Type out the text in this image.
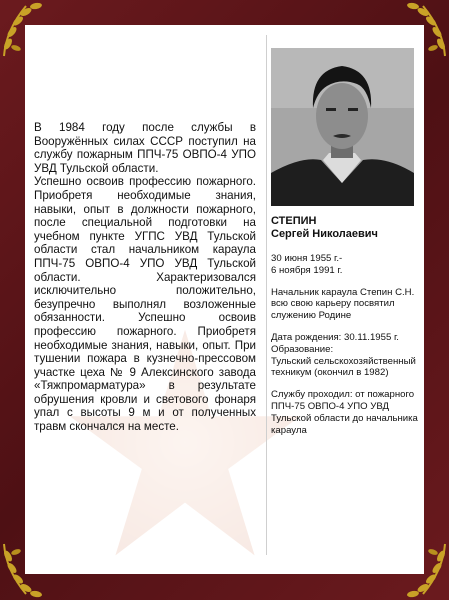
В 1984 году после службы в Вооружённых силах СССР поступил на службу пожарным ППЧ-75 ОВПО-4 УПО УВД Тульской области.

Успешно освоив профессию пожарного. Приобретя необходимые знания, навыки, опыт в должности пожарного, после специальной подготовки на учебном пункте УГПС УВД Тульской области стал начальником караула ППЧ-75 ОВПО-4 УПО УВД Тульской области. Характеризовался исключительно положительно, безупречно выполнял возложенные обязанности. Успешно освоив профессию пожарного. Приобретя необходимые знания, навыки, опыт. При тушении пожара в кузнечно-прессовом участке цеха № 9 Алексинского завода «Тяжпромарматура» в результате обрушения кровли и светового фонаря упал с высоты 9 м и от полученных травм скончался на месте.

СТЕПИН
Сергей Николаевич

30 июня 1955 г.-
6 ноября 1991 г.

Начальник караула Степин С.Н. всю свою карьеру посвятил служению Родине

Дата рождения: 30.11.1955 г.
Образование:
Тульский сельскохозяйственный техникум (окончил в 1982)

Службу проходил: от пожарного ППЧ-75 ОВПО-4 УПО УВД Тульской области до начальника караула
